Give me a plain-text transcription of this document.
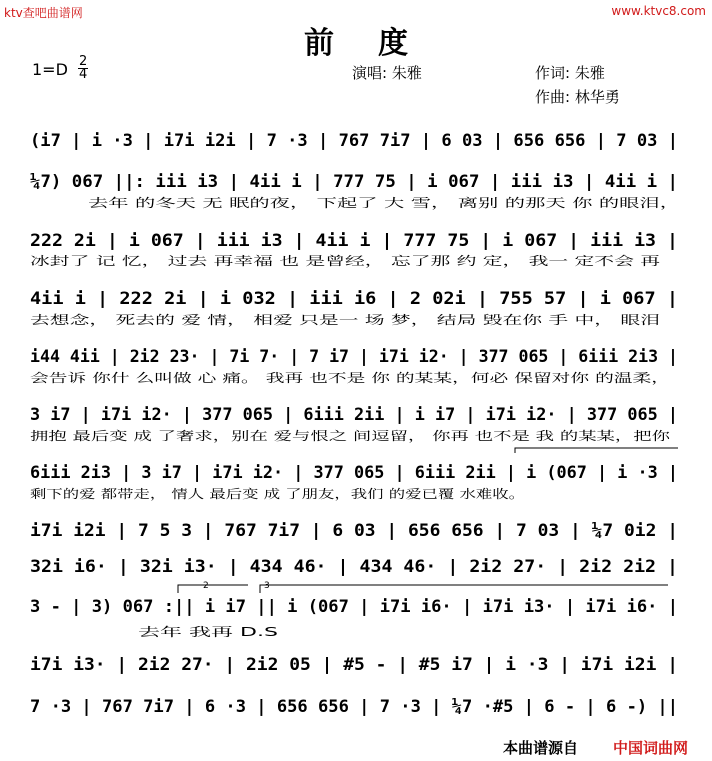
ktv查吧曲谱网	www.ktvc8.com
前度
$1=D \frac{2}{4}$	演唱: 朱雅	作词: 朱雅
作曲: 林华勇
(i7 | i ·3 | i7i i2i | 7 ·3 | 767 7i7 | 6 03 | 656 656 | 7 03 |
¼7) 067 ||: iii i3 | 4ii i | 777 75 | i 067 | iii i3 | 4ii i |
去年 的冬天 无 眠的夜， 下起了 大 雪， 离别 的那天 你 的眼泪，
222 2i | i 067 | iii i3 | 4ii i | 777 75 | i 067 | iii i3 |
冰封了 记 忆， 过去 再幸福 也 是曾经， 忘了那 约 定， 我一 定不会 再
4ii i | 222 2i | i 032 | iii i6 | 2 02i | 755 57 | i 067 |
去想念， 死去的 爱 情， 相爱 只是一 场 梦， 结局 毁在你 手 中， 眼泪
i44 4ii | 2i2 23· | 7i 7· | 7 i7 | i7i i2· | 377 065 | 6iii 2i3 |
会告诉 你什 么叫做 心 痛。 我再 也不是 你 的某某，何必 保留对你 的温柔，
3 i7 | i7i i2· | 377 065 | 6iii 2ii | i i7 | i7i i2· | 377 065 |
拥抱 最后变 成 了奢求，别在 爱与恨之 间逗留， 你再 也不是 我 的某某，把你
6iii 2i3 | 3 i7 | i7i i2· | 377 065 | 6iii 2ii | i (067 | i ·3 |
剩下的爱 都带走， 情人 最后变 成 了朋友，我们 的爱已覆 水难收。
i7i i2i | 7 5 3 | 767 7i7 | 6 03 | 656 656 | 7 03 | ¼7 0i2 |
32i i6· | 32i i3· | 434 46· | 434 46· | 2i2 27· | 2i2 2i2 |
2	3
3 - | 3) 067 :|| i i7 || i (067 | i7i i6· | i7i i3· | i7i i6· |
去年 我再 D.S
i7i i3· | 2i2 27· | 2i2 05 | #5 - | #5 i7 | i ·3 | i7i i2i |
7 ·3 | 767 7i7 | 6 ·3 | 656 656 | 7 ·3 | ¼7 ·#5 | 6 - | 6 -) ||
本曲谱源自 中国词曲网
